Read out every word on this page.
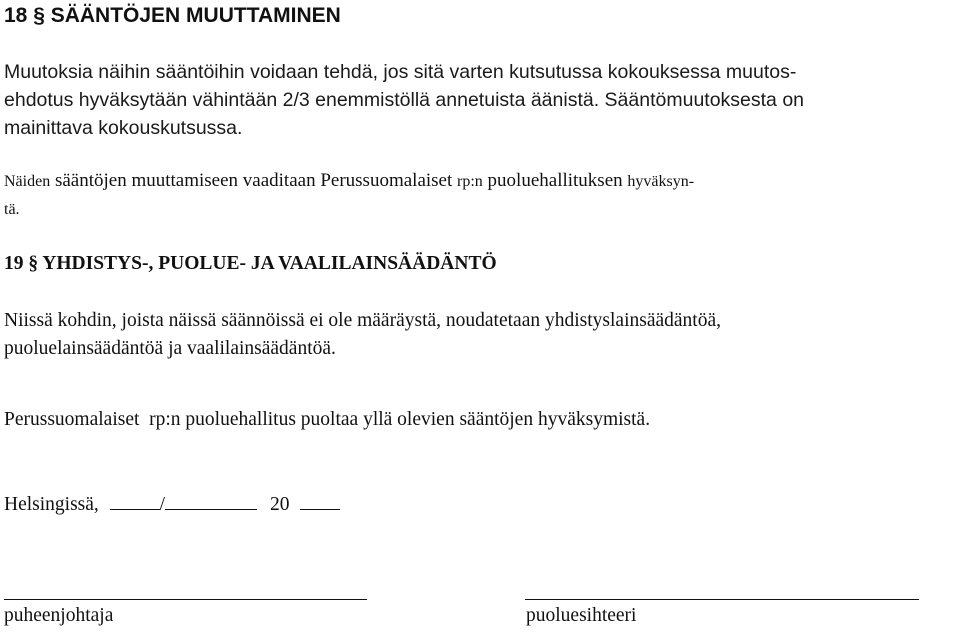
18 § SÄÄNTÖJEN MUUTTAMINEN
Muutoksia näihin sääntöihin voidaan tehdä, jos sitä varten kutsutussa kokouksessa muutos-
ehdotus hyväksytään vähintään 2/3 enemmistöllä annetuista äänistä. Sääntömuutoksesta on
mainittava kokouskutsussa.
Näiden sääntöjen muuttamiseen vaaditaan Perussuomalaiset rp:n puoluehallituksen hyväksyn-
tä.
19 § YHDISTYS-, PUOLUE- JA VAALILAINSÄÄDÄNTÖ
Niissä kohdin, joista näissä säännöissä ei ole määräystä, noudatetaan yhdistyslainsäädäntöä,
puoluelainsäädäntöä ja vaalilainsäädäntöä.
Perussuomalaiset  rp:n puoluehallitus puoltaa yllä olevien sääntöjen hyväksymistä.
Helsingissä,	/	20
puheenjohtaja	puoluesihteeri
